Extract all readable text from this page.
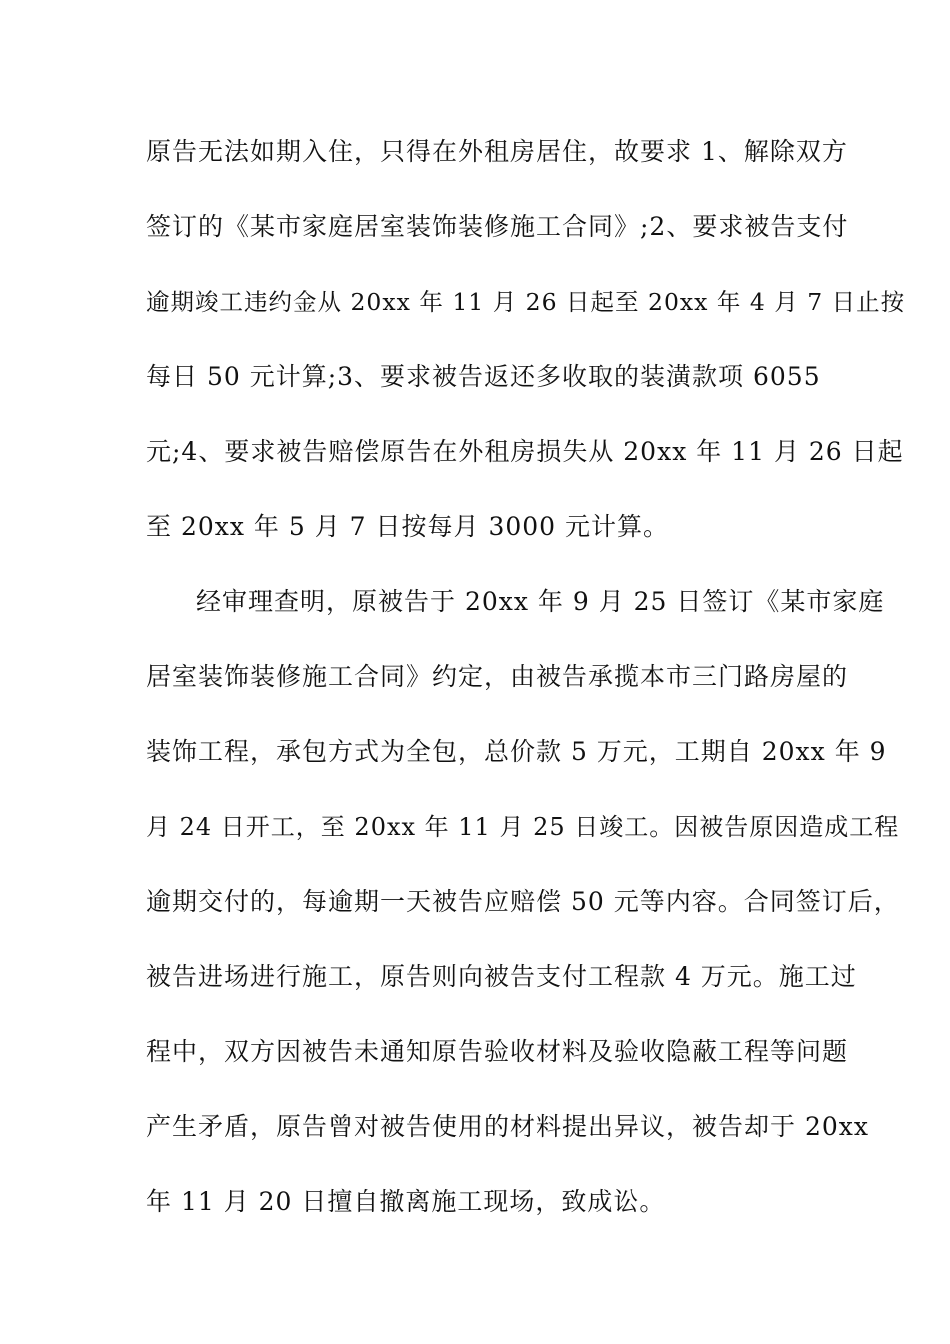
原告无法如期入住，只得在外租房居住，故要求 1、解除双方
签订的《某市家庭居室装饰装修施工合同》;2、要求被告支付
逾期竣工违约金从 20xx 年 11 月 26 日起至 20xx 年 4 月 7 日止按
每日 50 元计算;3、要求被告返还多收取的装潢款项 6055
元;4、要求被告赔偿原告在外租房损失从 20xx 年 11 月 26 日起
至 20xx 年 5 月 7 日按每月 3000 元计算。
经审理查明，原被告于 20xx 年 9 月 25 日签订《某市家庭
居室装饰装修施工合同》约定，由被告承揽本市三门路房屋的
装饰工程，承包方式为全包，总价款 5 万元，工期自 20xx 年 9
月 24 日开工，至 20xx 年 11 月 25 日竣工。因被告原因造成工程
逾期交付的，每逾期一天被告应赔偿 50 元等内容。合同签订后，
被告进场进行施工，原告则向被告支付工程款 4 万元。施工过
程中，双方因被告未通知原告验收材料及验收隐蔽工程等问题
产生矛盾，原告曾对被告使用的材料提出异议，被告却于 20xx
年 11 月 20 日擅自撤离施工现场，致成讼。
